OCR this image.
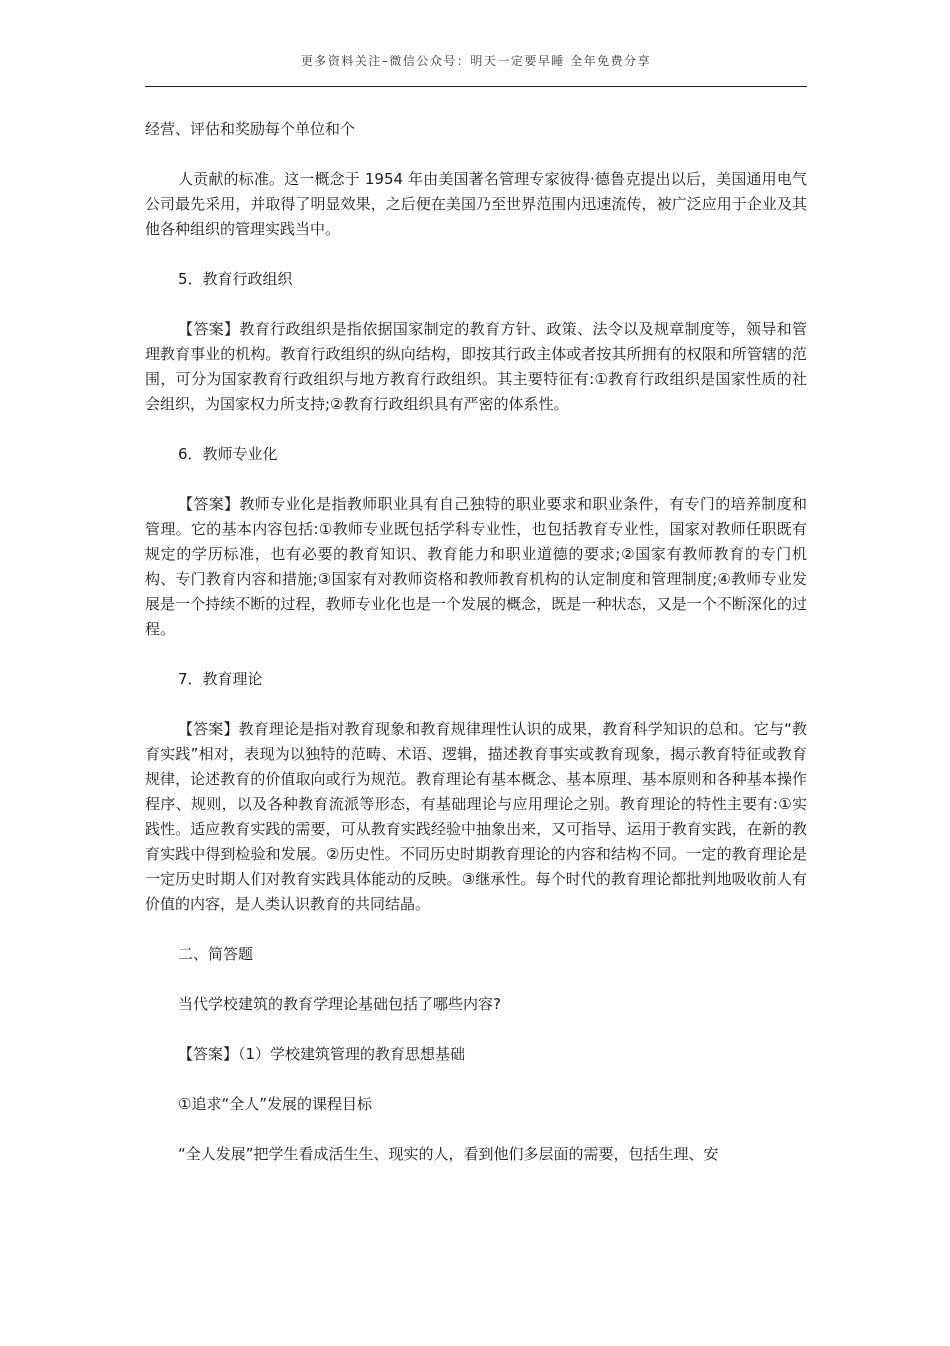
更多资料关注–微信公众号：明天一定要早睡 全年免费分享

经营、评估和奖励每个单位和个

人贡献的标准。这一概念于 1954 年由美国著名管理专家彼得·德鲁克提出以后，美国通用电气公司最先采用，并取得了明显效果，之后便在美国乃至世界范围内迅速流传，被广泛应用于企业及其他各种组织的管理实践当中。

5．教育行政组织

【答案】教育行政组织是指依据国家制定的教育方针、政策、法令以及规章制度等，领导和管理教育事业的机构。教育行政组织的纵向结构，即按其行政主体或者按其所拥有的权限和所管辖的范围，可分为国家教育行政组织与地方教育行政组织。其主要特征有:①教育行政组织是国家性质的社会组织，为国家权力所支持;②教育行政组织具有严密的体系性。

6．教师专业化

【答案】教师专业化是指教师职业具有自己独特的职业要求和职业条件，有专门的培养制度和管理。它的基本内容包括:①教师专业既包括学科专业性，也包括教育专业性，国家对教师任职既有规定的学历标准，也有必要的教育知识、教育能力和职业道德的要求;②国家有教师教育的专门机构、专门教育内容和措施;③国家有对教师资格和教师教育机构的认定制度和管理制度;④教师专业发展是一个持续不断的过程，教师专业化也是一个发展的概念，既是一种状态，又是一个不断深化的过程。

7．教育理论

【答案】教育理论是指对教育现象和教育规律理性认识的成果，教育科学知识的总和。它与“教育实践”相对，表现为以独特的范畴、术语、逻辑，描述教育事实或教育现象，揭示教育特征或教育规律，论述教育的价值取向或行为规范。教育理论有基本概念、基本原理、基本原则和各种基本操作程序、规则，以及各种教育流派等形态，有基础理论与应用理论之别。教育理论的特性主要有:①实践性。适应教育实践的需要，可从教育实践经验中抽象出来，又可指导、运用于教育实践，在新的教育实践中得到检验和发展。②历史性。不同历史时期教育理论的内容和结构不同。一定的教育理论是一定历史时期人们对教育实践具体能动的反映。③继承性。每个时代的教育理论都批判地吸收前人有价值的内容，是人类认识教育的共同结晶。

二、简答题

当代学校建筑的教育学理论基础包括了哪些内容?

【答案】（1）学校建筑管理的教育思想基础

①追求“全人”发展的课程目标

“全人发展”把学生看成活生生、现实的人，看到他们多层面的需要，包括生理、安
